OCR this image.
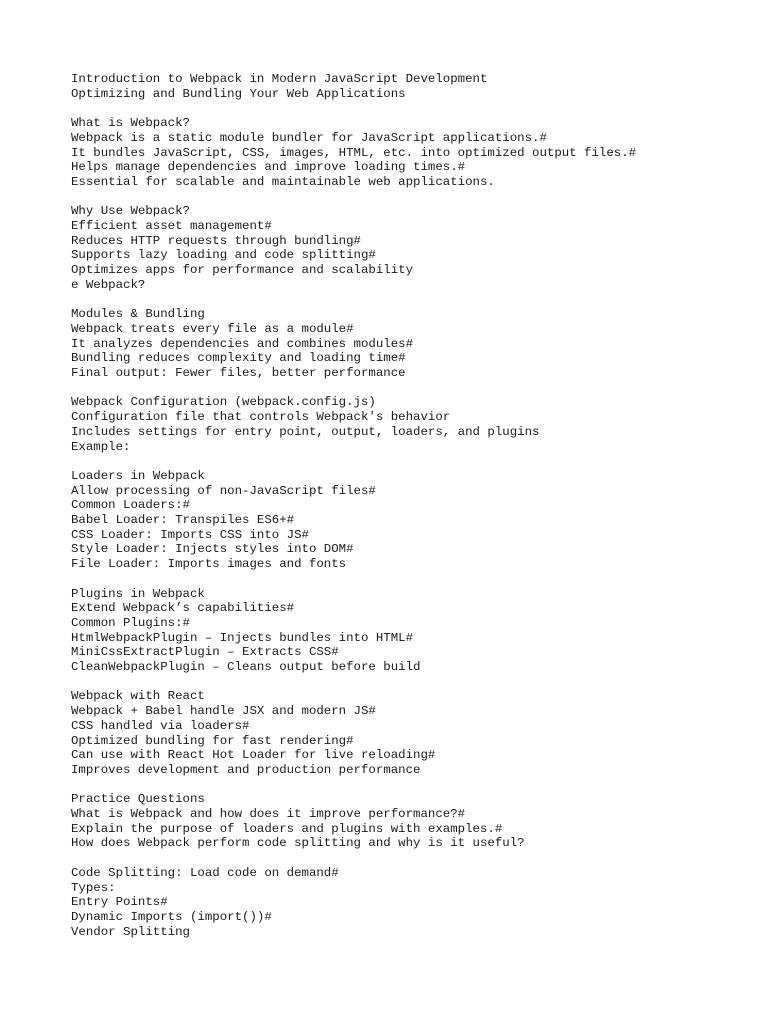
Introduction to Webpack in Modern JavaScript Development
Optimizing and Bundling Your Web Applications
What is Webpack?
Webpack is a static module bundler for JavaScript applications.#
It bundles JavaScript, CSS, images, HTML, etc. into optimized output files.#
Helps manage dependencies and improve loading times.#
Essential for scalable and maintainable web applications.
Why Use Webpack?
Efficient asset management#
Reduces HTTP requests through bundling#
Supports lazy loading and code splitting#
Optimizes apps for performance and scalability
e Webpack?
Modules & Bundling
Webpack treats every file as a module#
It analyzes dependencies and combines modules#
Bundling reduces complexity and loading time#
Final output: Fewer files, better performance
Webpack Configuration (webpack.config.js)
Configuration file that controls Webpack's behavior
Includes settings for entry point, output, loaders, and plugins
Example:
Loaders in Webpack
Allow processing of non-JavaScript files#
Common Loaders:#
Babel Loader: Transpiles ES6+#
CSS Loader: Imports CSS into JS#
Style Loader: Injects styles into DOM#
File Loader: Imports images and fonts
Plugins in Webpack
Extend Webpack’s capabilities#
Common Plugins:#
HtmlWebpackPlugin – Injects bundles into HTML#
MiniCssExtractPlugin – Extracts CSS#
CleanWebpackPlugin – Cleans output before build
Webpack with React
Webpack + Babel handle JSX and modern JS#
CSS handled via loaders#
Optimized bundling for fast rendering#
Can use with React Hot Loader for live reloading#
Improves development and production performance
Practice Questions
What is Webpack and how does it improve performance?#
Explain the purpose of loaders and plugins with examples.#
How does Webpack perform code splitting and why is it useful?
Code Splitting: Load code on demand#
Types:
Entry Points#
Dynamic Imports (import())#
Vendor Splitting
